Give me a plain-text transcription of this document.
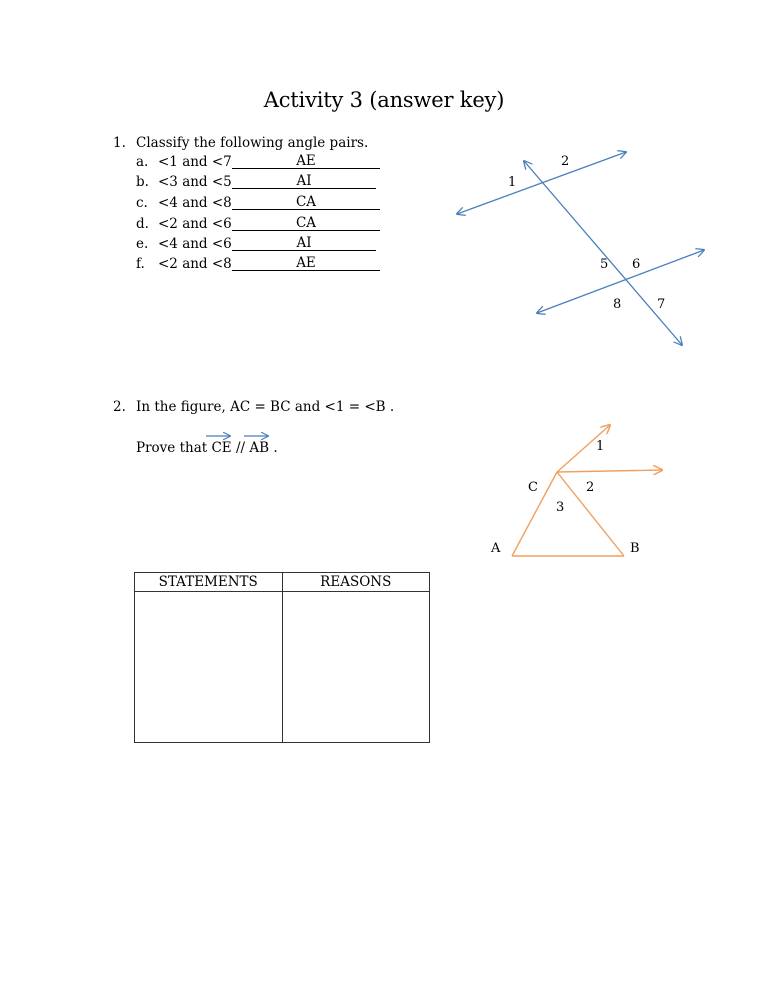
Activity 3 (answer key)
1. Classify the following angle pairs.
a. <1 and <7	AE
b. <3 and <5	AI
c. <4 and <8	CA
d. <2 and <6	CA
e. <4 and <6	AI
f. <2 and <8	AE
1
2
5 6
7
8
2. In the figure, AC = BC and <1 = <B .
Prove that CE // AB .
A	B
C
1
2
3
STATEMENTS	REASONS
